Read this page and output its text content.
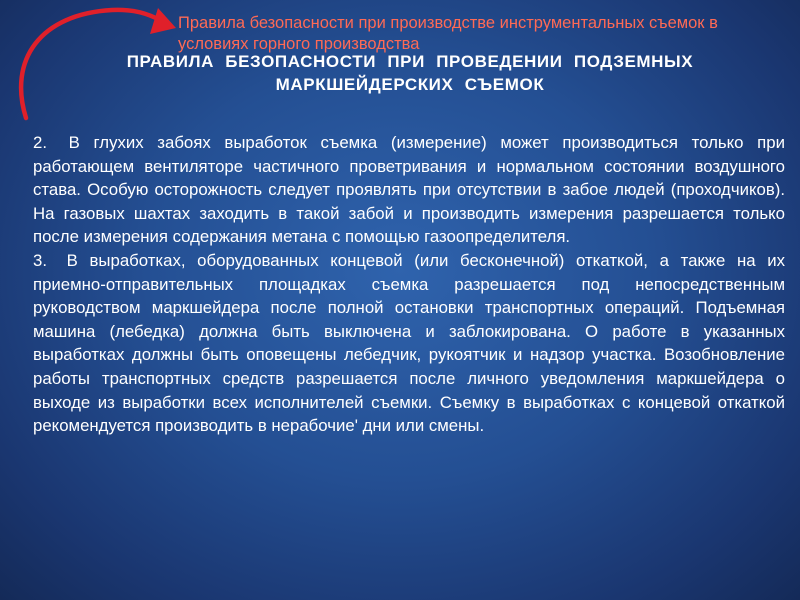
Правила безопасности при производстве инструментальных съемок в условиях горного производства
ПРАВИЛА БЕЗОПАСНОСТИ ПРИ ПРОВЕДЕНИИ ПОДЗЕМНЫХ МАРКШЕЙДЕРСКИХ СЪЕМОК

2. В глухих забоях выработок съемка (измерение) может производиться только при работающем вентиляторе частичного проветривания и нормальном состоянии воздушного става. Особую осторожность следует проявлять при отсутствии в забое людей (проходчиков). На газовых шахтах заходить в такой забой и производить измерения разрешается только после измерения содержания метана с помощью газоопределителя.

3. В выработках, оборудованных концевой (или бесконечной) откаткой, а также на их приемно-отправительных площадках съемка разрешается под непосредственным руководством маркшейдера после полной остановки транспортных операций. Подъемная машина (лебедка) должна быть выключена и заблокирована. О работе в указанных выработках должны быть оповещены лебедчик, рукоятчик и надзор участка. Возобновление работы транспортных средств разрешается после личного уведомления маркшейдера о выходе из выработки всех исполнителей съемки. Съемку в выработках с концевой откаткой рекомендуется производить в нерабочие' дни или смены.
